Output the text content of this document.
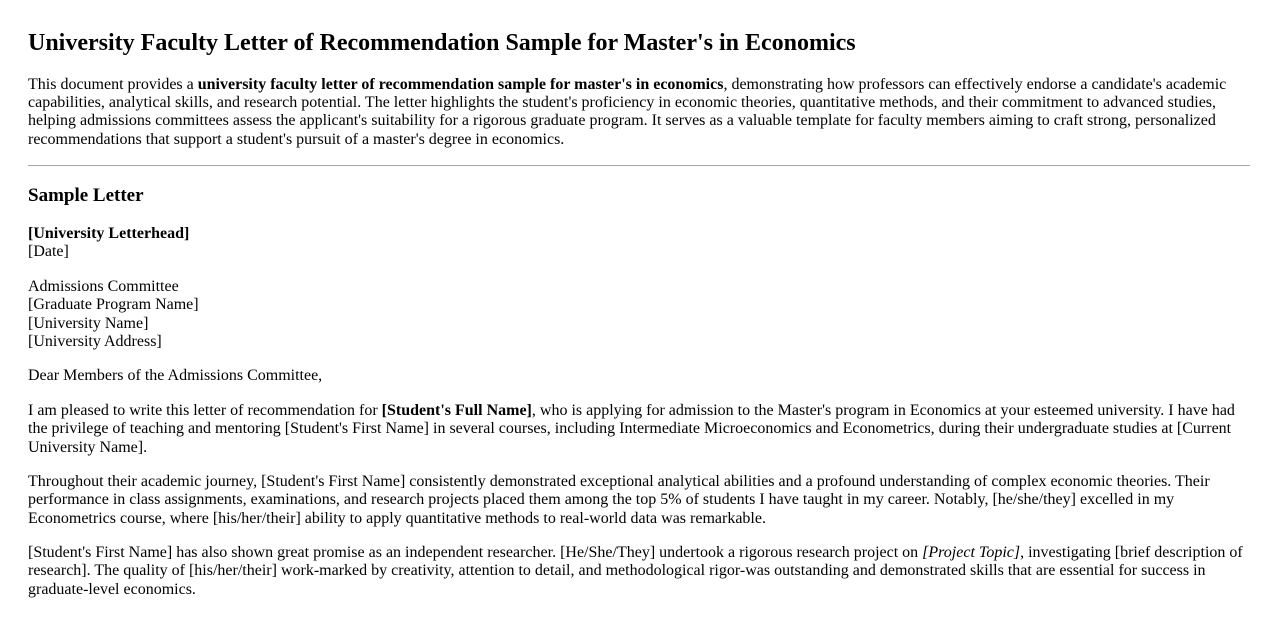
University Faculty Letter of Recommendation Sample for Master's in Economics

This document provides a university faculty letter of recommendation sample for master's in economics, demonstrating how professors can effectively endorse a candidate's academic capabilities, analytical skills, and research potential. The letter highlights the student's proficiency in economic theories, quantitative methods, and their commitment to advanced studies, helping admissions committees assess the applicant's suitability for a rigorous graduate program. It serves as a valuable template for faculty members aiming to craft strong, personalized recommendations that support a student's pursuit of a master's degree in economics.

Sample Letter

[University Letterhead]
[Date]

Admissions Committee
[Graduate Program Name]
[University Name]
[University Address]

Dear Members of the Admissions Committee,

I am pleased to write this letter of recommendation for [Student's Full Name], who is applying for admission to the Master's program in Economics at your esteemed university. I have had the privilege of teaching and mentoring [Student's First Name] in several courses, including Intermediate Microeconomics and Econometrics, during their undergraduate studies at [Current University Name].

Throughout their academic journey, [Student's First Name] consistently demonstrated exceptional analytical abilities and a profound understanding of complex economic theories. Their performance in class assignments, examinations, and research projects placed them among the top 5% of students I have taught in my career. Notably, [he/she/they] excelled in my Econometrics course, where [his/her/their] ability to apply quantitative methods to real-world data was remarkable.

[Student's First Name] has also shown great promise as an independent researcher. [He/She/They] undertook a rigorous research project on [Project Topic], investigating [brief description of research]. The quality of [his/her/their] work-marked by creativity, attention to detail, and methodological rigor-was outstanding and demonstrated skills that are essential for success in graduate-level economics.
